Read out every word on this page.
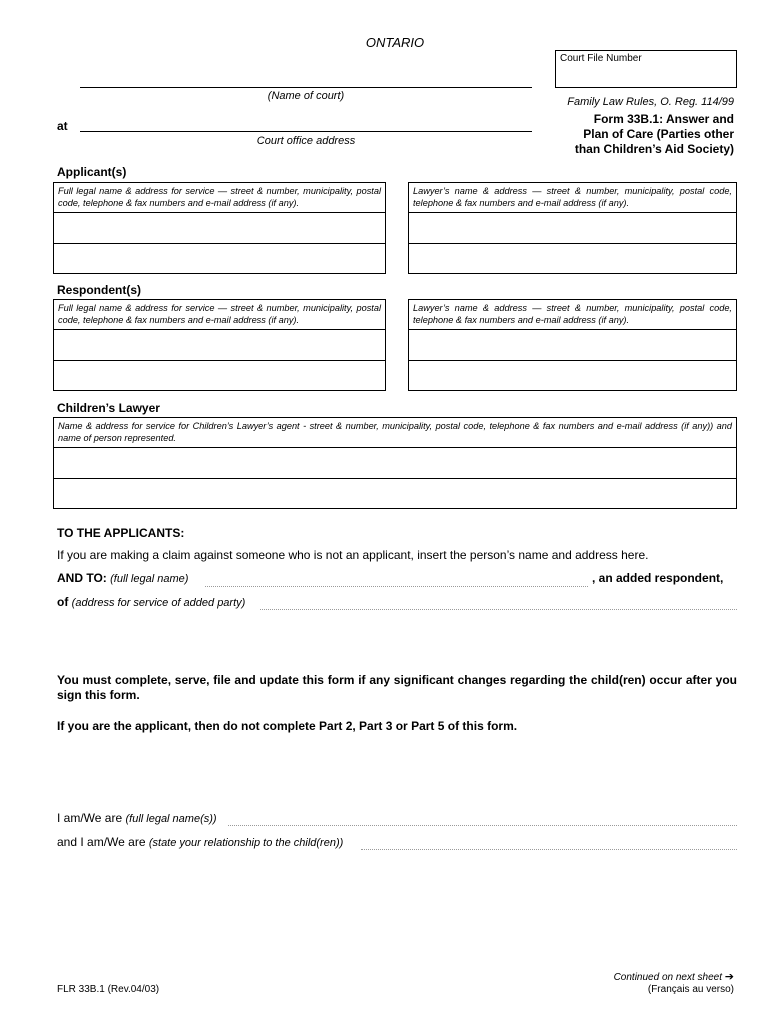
ONTARIO
Court File Number
(Name of court)
at
Court office address
Family Law Rules, O. Reg. 114/99
Form 33B.1: Answer and
Plan of Care (Parties other
than Children’s Aid Society)
Applicant(s)
Full legal name & address for service — street & number, municipality, postal code, telephone & fax numbers and e-mail address (if any).
Lawyer’s name & address — street & number, municipality, postal code, telephone & fax numbers and e-mail address (if any).
Respondent(s)
Full legal name & address for service — street & number, municipality, postal code, telephone & fax numbers and e-mail address (if any).
Lawyer’s name & address — street & number, municipality, postal code, telephone & fax numbers and e-mail address (if any).
Children’s Lawyer
Name & address for service for Children’s Lawyer’s agent - street & number, municipality, postal code, telephone & fax numbers and e-mail address (if any)) and name of person represented.
TO THE APPLICANTS:
If you are making a claim against someone who is not an applicant, insert the person’s name and address here.
AND TO: (full legal name)	, an added respondent,
of (address for service of added party)
You must complete, serve, file and update this form if any significant changes regarding the child(ren) occur after you sign this form.
If you are the applicant, then do not complete Part 2, Part 3 or Part 5 of this form.
I am/We are (full legal name(s))
and I am/We are (state your relationship to the child(ren))
FLR 33B.1 (Rev.04/03)
Continued on next sheet ➔
(Français au verso)
